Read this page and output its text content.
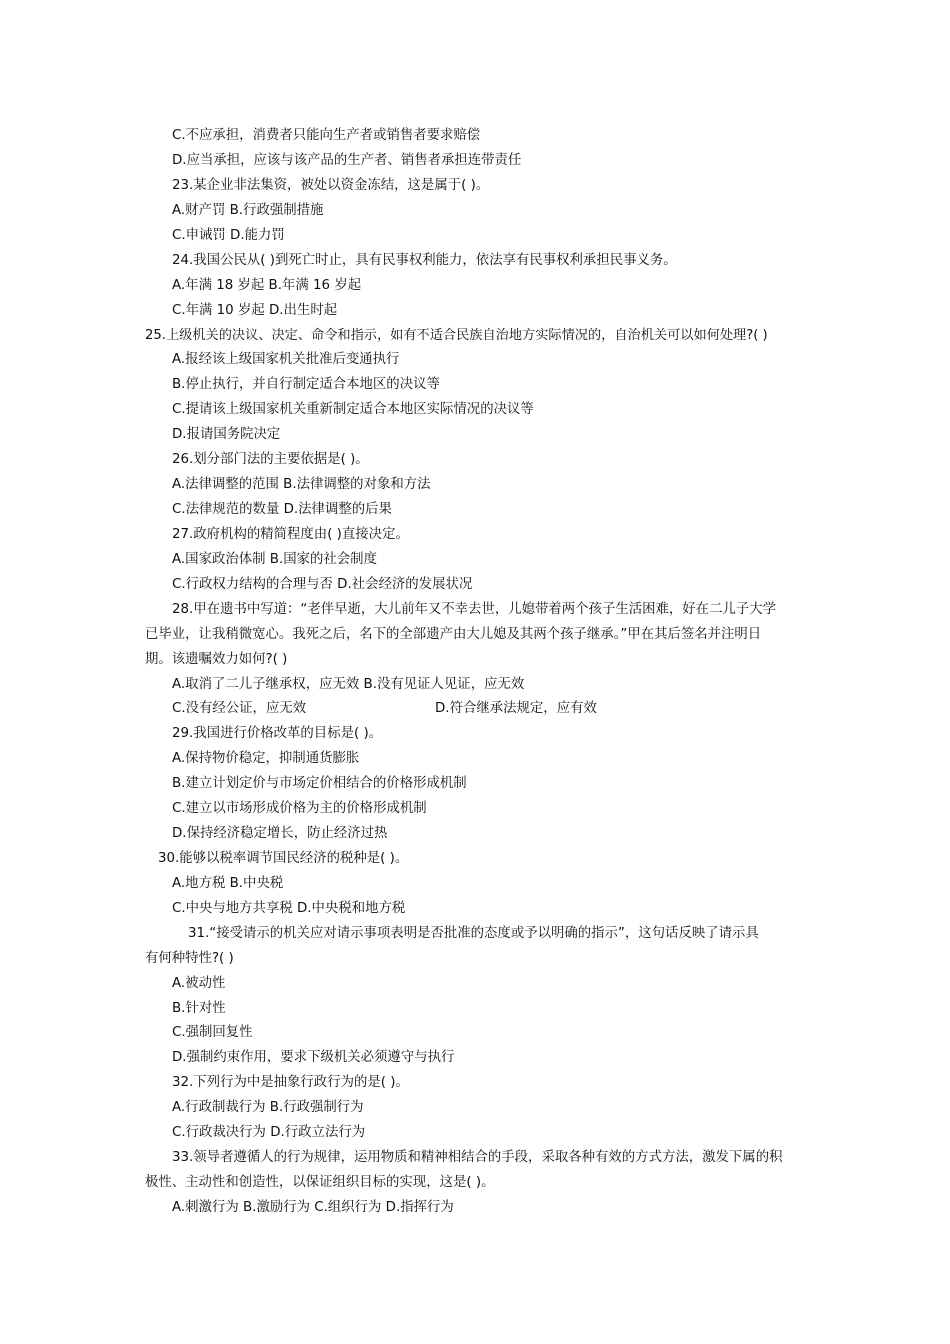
C.不应承担，消费者只能向生产者或销售者要求赔偿
D.应当承担，应该与该产品的生产者、销售者承担连带责任
23.某企业非法集资，被处以资金冻结，这是属于( )。
A.财产罚 B.行政强制措施
C.申诫罚 D.能力罚
24.我国公民从( )到死亡时止，具有民事权利能力，依法享有民事权利承担民事义务。
A.年满 18 岁起 B.年满 16 岁起
C.年满 10 岁起 D.出生时起
25.上级机关的决议、决定、命令和指示，如有不适合民族自治地方实际情况的，自治机关可以如何处理?( )
A.报经该上级国家机关批准后变通执行
B.停止执行，并自行制定适合本地区的决议等
C.提请该上级国家机关重新制定适合本地区实际情况的决议等
D.报请国务院决定
26.划分部门法的主要依据是( )。
A.法律调整的范围 B.法律调整的对象和方法
C.法律规范的数量 D.法律调整的后果
27.政府机构的精简程度由( )直接决定。
A.国家政治体制 B.国家的社会制度
C.行政权力结构的合理与否 D.社会经济的发展状况
28.甲在遗书中写道：“老伴早逝，大儿前年又不幸去世，儿媳带着两个孩子生活困难，好在二儿子大学
已毕业，让我稍微宽心。我死之后，名下的全部遗产由大儿媳及其两个孩子继承。”甲在其后签名并注明日
期。该遗嘱效力如何?( )
A.取消了二儿子继承权，应无效 B.没有见证人见证，应无效
C.没有经公证，应无效	D.符合继承法规定，应有效
29.我国进行价格改革的目标是( )。
A.保持物价稳定，抑制通货膨胀
B.建立计划定价与市场定价相结合的价格形成机制
C.建立以市场形成价格为主的价格形成机制
D.保持经济稳定增长，防止经济过热
30.能够以税率调节国民经济的税种是( )。
A.地方税 B.中央税
C.中央与地方共享税 D.中央税和地方税
31.“接受请示的机关应对请示事项表明是否批准的态度或予以明确的指示”，这句话反映了请示具
有何种特性?( )
A.被动性
B.针对性
C.强制回复性
D.强制约束作用，要求下级机关必须遵守与执行
32.下列行为中是抽象行政行为的是( )。
A.行政制裁行为 B.行政强制行为
C.行政裁决行为 D.行政立法行为
33.领导者遵循人的行为规律，运用物质和精神相结合的手段，采取各种有效的方式方法，激发下属的积
极性、主动性和创造性，以保证组织目标的实现，这是( )。
A.刺激行为 B.激励行为 C.组织行为 D.指挥行为
